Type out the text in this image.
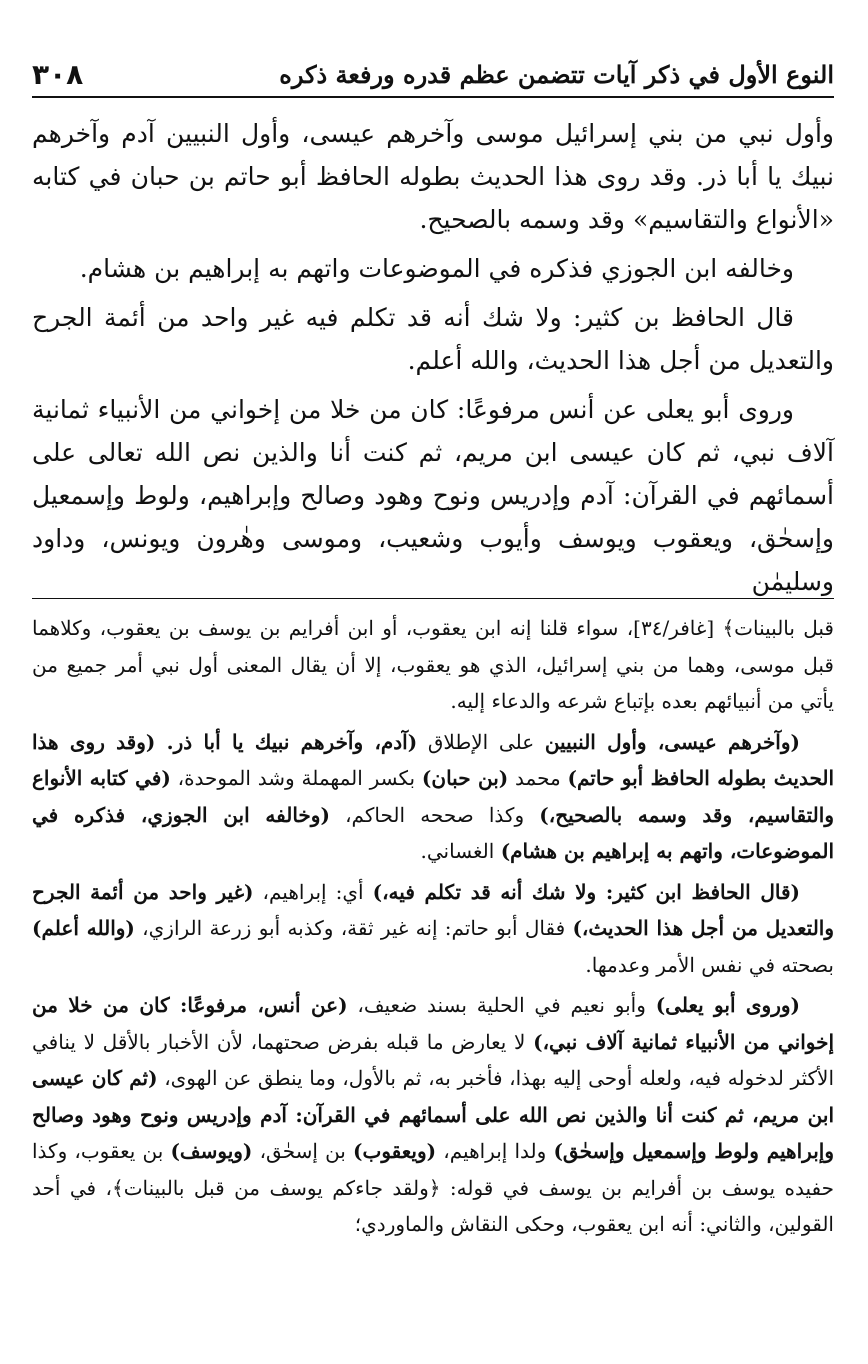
النوع الأول في ذكر آيات تتضمن عظم قدره ورفعة ذكره
٣٠٨

وأول نبي من بني إسرائيل موسى وآخرهم عيسى، وأول النبيين آدم وآخرهم نبيك يا أبا ذر. وقد روى هذا الحديث بطوله الحافظ أبو حاتم بن حبان في كتابه «الأنواع والتقاسيم» وقد وسمه بالصحيح.

وخالفه ابن الجوزي فذكره في الموضوعات واتهم به إبراهيم بن هشام.

قال الحافظ بن كثير: ولا شك أنه قد تكلم فيه غير واحد من أئمة الجرح والتعديل من أجل هذا الحديث، والله أعلم.

وروى أبو يعلى عن أنس مرفوعًا: كان من خلا من إخواني من الأنبياء ثمانية آلاف نبي، ثم كان عيسى ابن مريم، ثم كنت أنا والذين نص الله تعالى على أسمائهم في القرآن: آدم وإدريس ونوح وهود وصالح وإبراهيم، ولوط وإسمعيل وإسحٰق، ويعقوب ويوسف وأيوب وشعيب، وموسى وهٰرون ويونس، وداود وسليمٰن

قبل بالبينات﴾ [غافر/٣٤]، سواء قلنا إنه ابن يعقوب، أو ابن أفرايم بن يوسف بن يعقوب، وكلاهما قبل موسى، وهما من بني إسرائيل، الذي هو يعقوب، إلا أن يقال المعنى أول نبي أمر جميع من يأتي من أنبيائهم بعده بإتباع شرعه والدعاء إليه.

(وآخرهم عيسى، وأول النبيين على الإطلاق (آدم، وآخرهم نبيك يا أبا ذر. (وقد روى هذا الحديث بطوله الحافظ أبو حاتم) محمد (بن حبان) بكسر المهملة وشد الموحدة، (في كتابه الأنواع والتقاسيم، وقد وسمه بالصحيح،) وكذا صححه الحاكم، (وخالفه ابن الجوزي، فذكره في الموضوعات، واتهم به إبراهيم بن هشام) الغساني.

(قال الحافظ ابن كثير: ولا شك أنه قد تكلم فيه،) أي: إبراهيم، (غير واحد من أئمة الجرح والتعديل من أجل هذا الحديث،) فقال أبو حاتم: إنه غير ثقة، وكذبه أبو زرعة الرازي، (والله أعلم) بصحته في نفس الأمر وعدمها.

(وروى أبو يعلى) وأبو نعيم في الحلية بسند ضعيف، (عن أنس، مرفوعًا: كان من خلا من إخواني من الأنبياء ثمانية آلاف نبي،) لا يعارض ما قبله بفرض صحتهما، لأن الأخبار بالأقل لا ينافي الأكثر لدخوله فيه، ولعله أوحى إليه بهذا، فأخبر به، ثم بالأول، وما ينطق عن الهوى، (ثم كان عيسى ابن مريم، ثم كنت أنا والذين نص الله على أسمائهم في القرآن: آدم وإدريس ونوح وهود وصالح وإبراهيم ولوط وإسمعيل وإسحٰق) ولدا إبراهيم، (ويعقوب) بن إسحٰق، (ويوسف) بن يعقوب، وكذا حفيده يوسف بن أفرايم بن يوسف في قوله: ﴿ولقد جاءكم يوسف من قبل بالبينات﴾، في أحد القولين، والثاني: أنه ابن يعقوب، وحكى النقاش والماوردي؛
